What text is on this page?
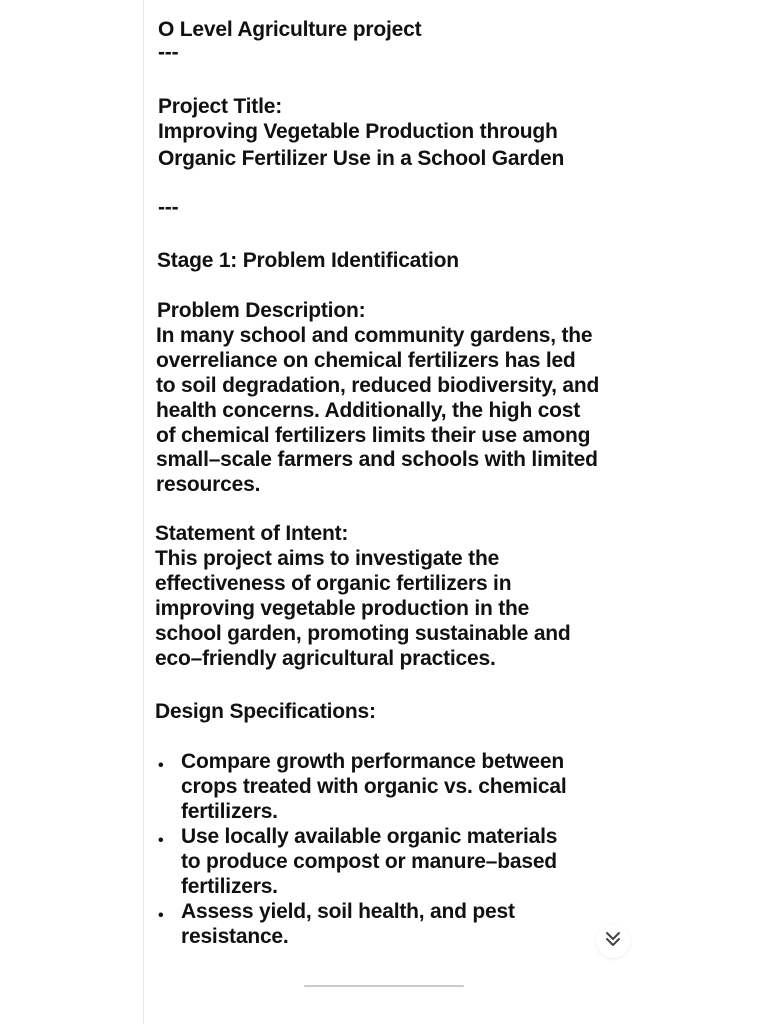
O Level Agriculture project
---
Project Title:
Improving Vegetable Production through
Organic Fertilizer Use in a School Garden
---
Stage 1: Problem Identification
Problem Description:
In many school and community gardens, the
overreliance on chemical fertilizers has led
to soil degradation, reduced biodiversity, and
health concerns. Additionally, the high cost
of chemical fertilizers limits their use among
small–scale farmers and schools with limited
resources.
Statement of Intent:
This project aims to investigate the
effectiveness of organic fertilizers in
improving vegetable production in the
school garden, promoting sustainable and
eco–friendly agricultural practices.
Design Specifications:
• Compare growth performance between
crops treated with organic vs. chemical
fertilizers.
• Use locally available organic materials
to produce compost or manure–based
fertilizers.
• Assess yield, soil health, and pest
resistance.
